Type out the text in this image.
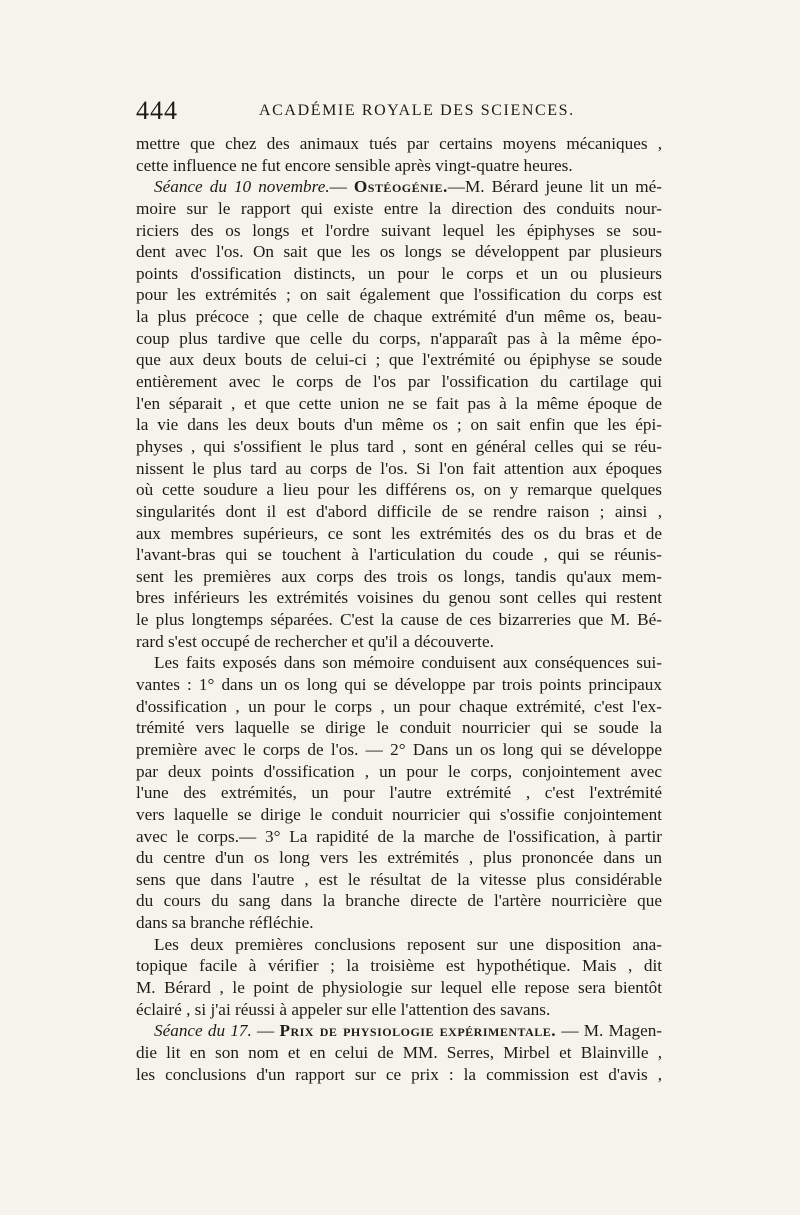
444	ACADÉMIE ROYALE DES SCIENCES.
mettre que chez des animaux tués par certains moyens mécaniques ,
cette influence ne fut encore sensible après vingt-quatre heures.
Séance du 10 novembre.— Ostéogénie.—M. Bérard jeune lit un mé-
moire sur le rapport qui existe entre la direction des conduits nour-
riciers des os longs et l'ordre suivant lequel les épiphyses se sou-
dent avec l'os. On sait que les os longs se développent par plusieurs
points d'ossification distincts, un pour le corps et un ou plusieurs
pour les extrémités ; on sait également que l'ossification du corps est
la plus précoce ; que celle de chaque extrémité d'un même os, beau-
coup plus tardive que celle du corps, n'apparaît pas à la même épo-
que aux deux bouts de celui-ci ; que l'extrémité ou épiphyse se soude
entièrement avec le corps de l'os par l'ossification du cartilage qui
l'en séparait , et que cette union ne se fait pas à la même époque de
la vie dans les deux bouts d'un même os ; on sait enfin que les épi-
physes , qui s'ossifient le plus tard , sont en général celles qui se réu-
nissent le plus tard au corps de l'os. Si l'on fait attention aux époques
où cette soudure a lieu pour les différens os, on y remarque quelques
singularités dont il est d'abord difficile de se rendre raison ; ainsi ,
aux membres supérieurs, ce sont les extrémités des os du bras et de
l'avant-bras qui se touchent à l'articulation du coude , qui se réunis-
sent les premières aux corps des trois os longs, tandis qu'aux mem-
bres inférieurs les extrémités voisines du genou sont celles qui restent
le plus longtemps séparées. C'est la cause de ces bizarreries que M. Bé-
rard s'est occupé de rechercher et qu'il a découverte.
Les faits exposés dans son mémoire conduisent aux conséquences sui-
vantes : 1° dans un os long qui se développe par trois points principaux
d'ossification , un pour le corps , un pour chaque extrémité, c'est l'ex-
trémité vers laquelle se dirige le conduit nourricier qui se soude la
première avec le corps de l'os. — 2° Dans un os long qui se développe
par deux points d'ossification , un pour le corps, conjointement avec
l'une des extrémités, un pour l'autre extrémité , c'est l'extrémité
vers laquelle se dirige le conduit nourricier qui s'ossifie conjointement
avec le corps.— 3° La rapidité de la marche de l'ossification, à partir
du centre d'un os long vers les extrémités , plus prononcée dans un
sens que dans l'autre , est le résultat de la vitesse plus considérable
du cours du sang dans la branche directe de l'artère nourricière que
dans sa branche réfléchie.
Les deux premières conclusions reposent sur une disposition ana-
topique facile à vérifier ; la troisième est hypothétique. Mais , dit
M. Bérard , le point de physiologie sur lequel elle repose sera bientôt
éclairé , si j'ai réussi à appeler sur elle l'attention des savans.
Séance du 17. — Prix de physiologie expérimentale. — M. Magen-
die lit en son nom et en celui de MM. Serres, Mirbel et Blainville ,
les conclusions d'un rapport sur ce prix : la commission est d'avis ,
